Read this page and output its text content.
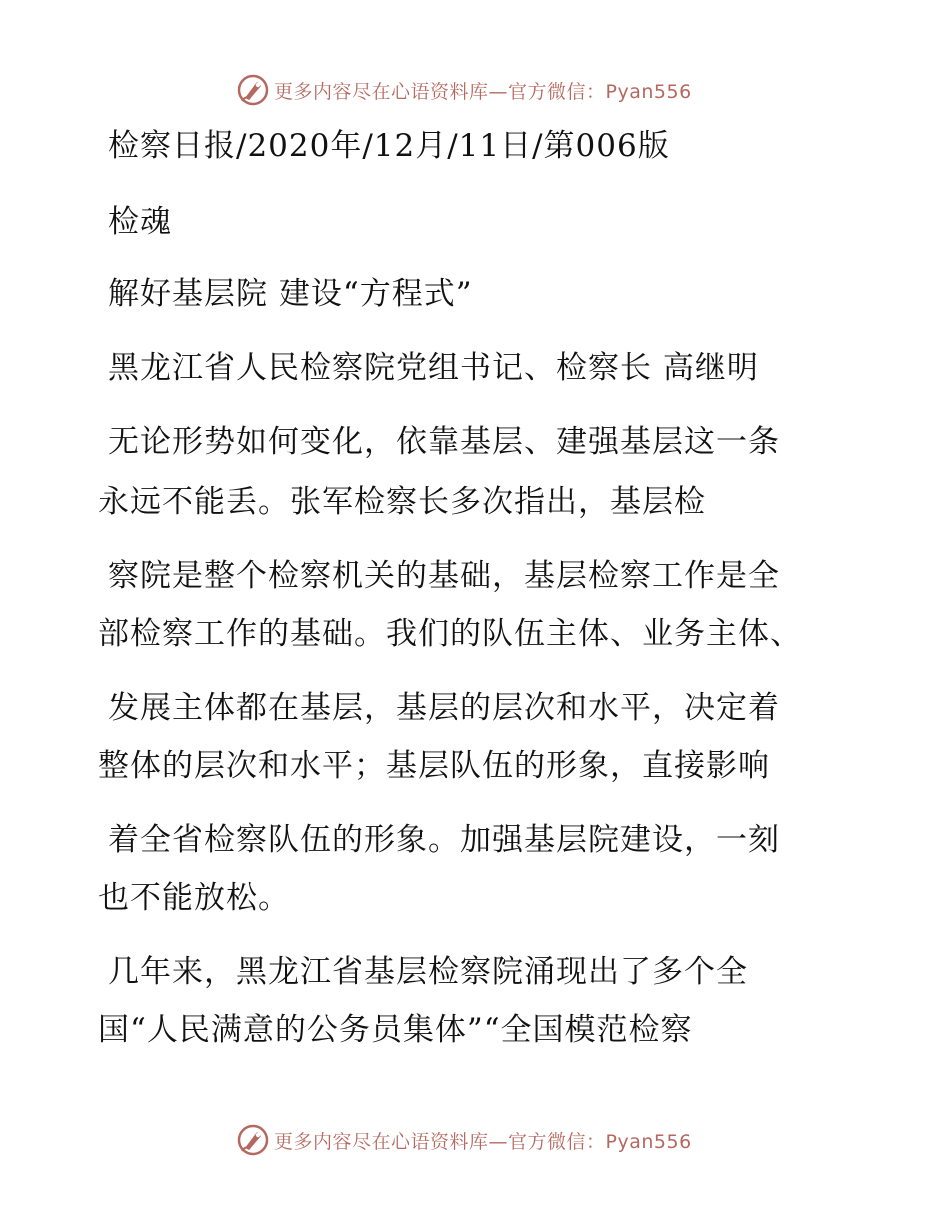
更多内容尽在心语资料库—官方微信：Pyan556
检察日报/2020年/12月/11日/第006版
检魂
解好基层院 建设“方程式”
黑龙江省人民检察院党组书记、检察长 高继明
无论形势如何变化，依靠基层、建强基层这一条
永远不能丢。张军检察长多次指出，基层检
察院是整个检察机关的基础，基层检察工作是全
部检察工作的基础。我们的队伍主体、业务主体、
发展主体都在基层，基层的层次和水平，决定着
整体的层次和水平；基层队伍的形象，直接影响
着全省检察队伍的形象。加强基层院建设，一刻
也不能放松。
几年来，黑龙江省基层检察院涌现出了多个全
国“人民满意的公务员集体”“全国模范检察
更多内容尽在心语资料库—官方微信：Pyan556
